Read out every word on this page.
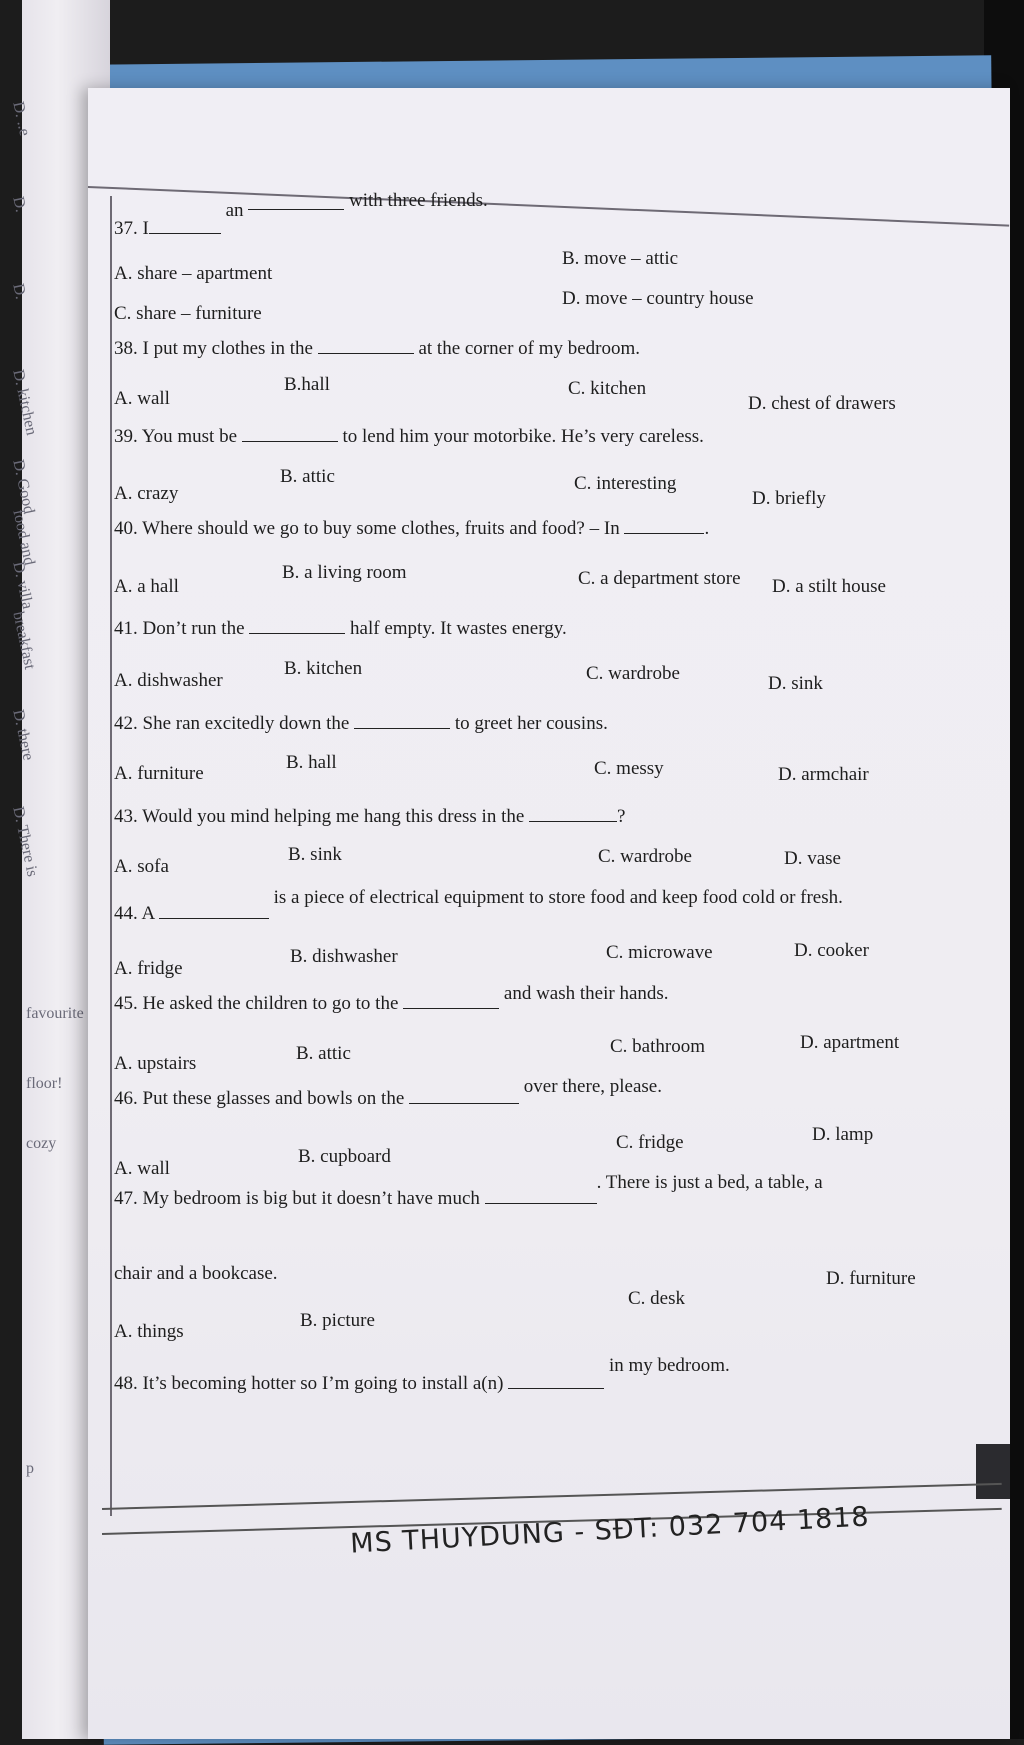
D. ..e
D.
D.
D. kitchen
D. Good
food and
D. villa
breakfast
D. there
D. There is
favourite
floor!
cozy
p
37. I an	with three friends.
A. share – apartment
B. move – attic
C. share – furniture
D. move – country house
38. I put my clothes in the	at the corner of my bedroom.
A. wall
B.hall	C. kitchen
D. chest of drawers
39. You must be	to lend him your motorbike. He’s very careless.
A. crazy
B. attic	C. interesting
D. briefly
40. Where should we go to buy some clothes, fruits and food? – In	.
A. a hall
B. a living room	C. a department store D. a stilt house
41. Don’t run the	half empty. It wastes energy.
A. dishwasher
B. kitchen	C. wardrobe	D. sink
42. She ran excitedly down the	to greet her cousins.
A. furniture
B. hall	C. messy	D. armchair
43. Would you mind helping me hang this dress in the	?
A. sofa
B. sink	C. wardrobe	D. vase
44. A  is a piece of electrical equipment to store food and keep food cold or fresh.
A. fridge
B. dishwasher	C. microwave	D. cooker
45. He asked the children to go to the	and wash their hands.
A. upstairs	B. attic	C. bathroom	D. apartment
46. Put these glasses and bowls on the  over there, please.
A. wall
B. cupboard
C. fridge	D. lamp
47. My bedroom is big but it doesn’t have much . There is just a bed, a table, a
chair and a bookcase.
A. things
B. picture
C. desk
D. furniture
48. It’s becoming hotter so I’m going to install a(n)  in my bedroom.
MS THUYDUNG - SĐT: 032 704 1818
